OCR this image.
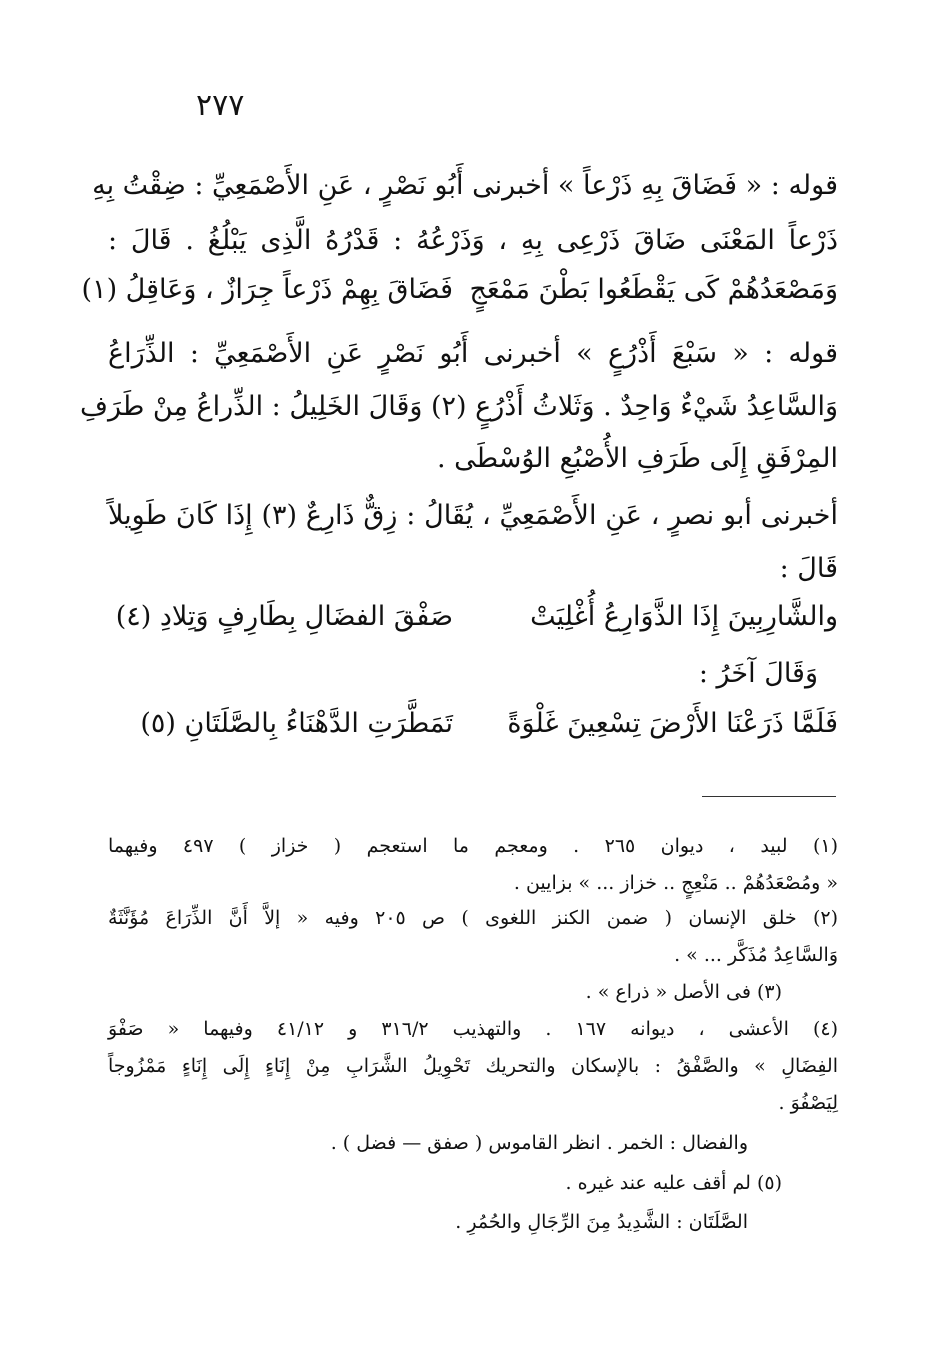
٢٧٧
قوله : « فَضَاقَ بِهِ ذَرْعاً » أخبرنى أَبُو نَصْرٍ ، عَنِ الأَصْمَعِيِّ : ضِقْتُ بِهِ
ذَرْعاً المَعْنَى ضَاقَ ذَرْعِى بِهِ ، وَذَرْعُهُ : قَدْرُهُ الَّذِى يَبْلُغُ . قَالَ :
وَمَصْعَدُهُمْ كَى يَقْطَعُوا بَطْنَ مَمْعَجٍ
فَضَاقَ بِهِمْ ذَرْعاً جِرَازٌ ، وَعَاقِلُ (١)
قوله : « سَبْعَ أَذْرُعٍ » أخبرنى أَبُو نَصْرٍ عَنِ الأَصْمَعِيِّ : الذِّرَاعُ
وَالسَّاعِدُ شَيْءٌ وَاحِدٌ . وَثَلاثُ أَذْرُعٍ (٢) وَقَالَ الخَلِيلُ : الذِّراعُ مِنْ طَرَفِ
المِرْفَقِ إِلَى طَرَفِ الأُصْبُعِ الوُسْطَى .
أخبرنى أبو نصرٍ ، عَنِ الأَصْمَعِيِّ ، يُقَالُ : زِقٌّ ذَارِعٌ (٣) إِذَا كَانَ طَوِيلاً
قَالَ :
والشَّارِبِينَ إِذَا الذَّوَارِعُ أُغْلِيَتْ
صَفْقَ الفضَالِ بِطَارِفٍ وَتِلادِ (٤)
وَقَالَ آخَرُ :
فَلَمَّا ذَرَعْنَا الأَرْضَ تِسْعِينَ غَلْوَةً
تَمَطَّرَتِ الدَّهْنَاءُ بِالصَّلَتَانِ (٥)
(١) لبيد ، ديوان ٢٦٥ . ومعجم ما استعجم ( خزاز ) ٤٩٧ وفيهما
« ومُصْعَدُهُمْ .. مَنْعِجٍ .. خزاز ... » بزايين .
(٢) خلق الإنسان ( ضمن الكنز اللغوى ) ص ٢٠٥ وفيه « إلاَّ أَنَّ الذِّرَاعَ مُؤَنَّثَةٌ
وَالسَّاعِدُ مُذَكَّر ... » .
(٣) فى الأصل « ذراع » .
(٤) الأعشى ، ديوانه ١٦٧ . والتهذيب ٣١٦/٢ و ٤١/١٢ وفيهما « صَفْوَ
الفِضَالِ » والصَّفْقُ : بالإسكان والتحريك تَحْوِيلُ الشَّرَابِ مِنْ إِنَاءٍ إِلَى إِنَاءٍ مَمْزُوجاً
لِيَصْفُوَ .
والفضال : الخمر . انظر القاموس ( صفق — فضل ) .
(٥) لم أقف عليه عند غيره .
الصَّلَتَان : الشَّدِيدُ مِنَ الرِّجَالِ والحُمُرِ .
